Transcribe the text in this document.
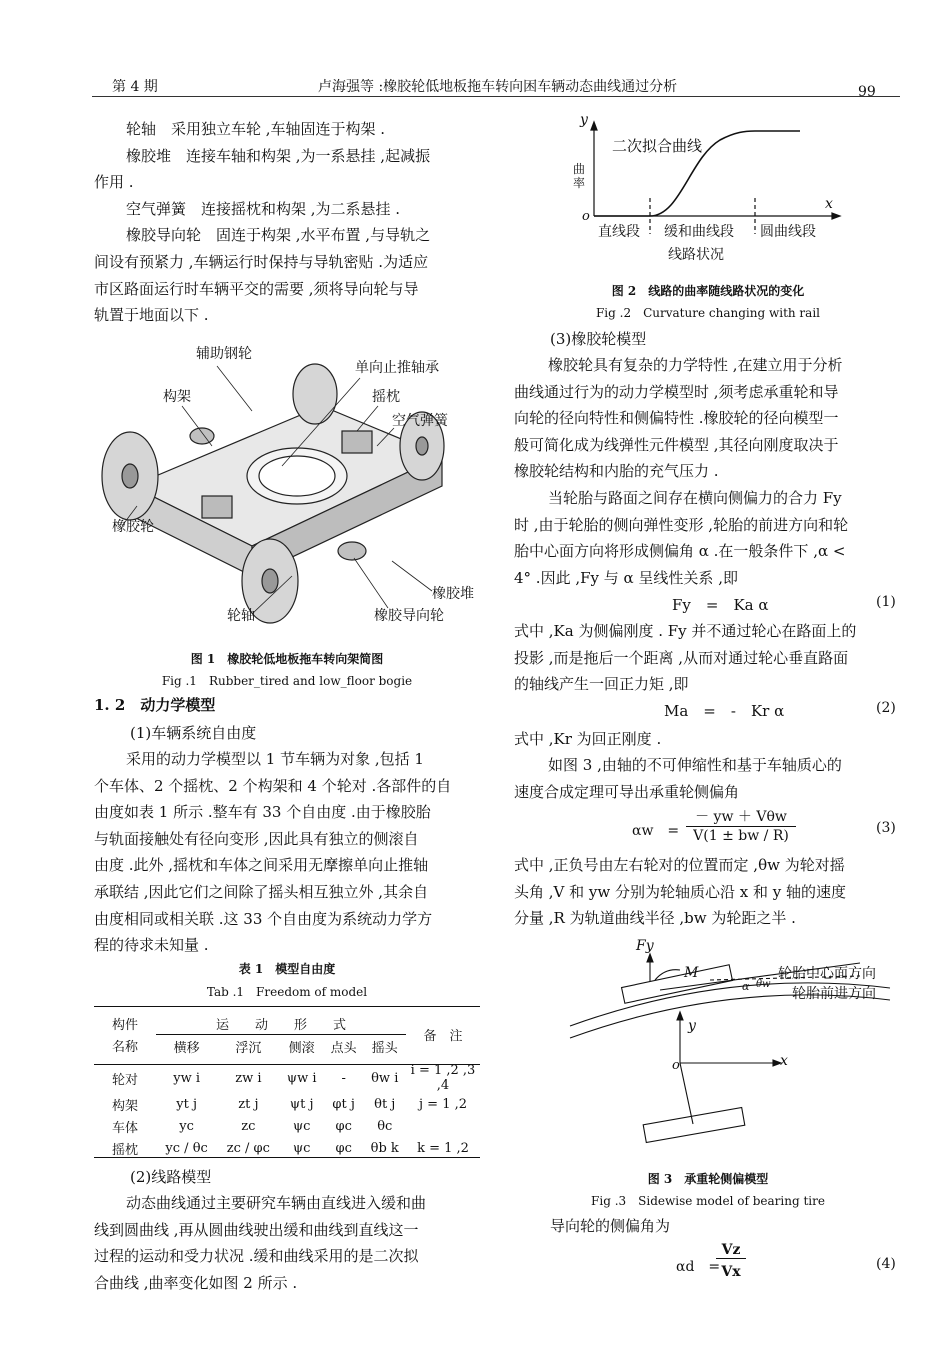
第 4 期	卢海强等 :橡胶轮低地板拖车转向困车辆动态曲线通过分析	99
轮轴　采用独立车轮 ,车轴固连于构架 .
橡胶堆　连接车轴和构架 ,为一系悬挂 ,起减振
作用 .
空气弹簧　连接摇枕和构架 ,为二系悬挂 .
橡胶导向轮　固连于构架 ,水平布置 ,与导轨之
间设有预紧力 ,车辆运行时保持与导轨密贴 .为适应
市区路面运行时车辆平交的需要 ,须将导向轮与导
轨置于地面以下 .
辅助钢轮
单向止推轴承
构架	摇枕
空气弹簧
橡胶轮
橡胶堆
轮轴	橡胶导向轮
图 1　橡胶轮低地板拖车转向架简图
Fig .1　Rubber_tired and low_floor bogie
1. 2　动力学模型
(1)车辆系统自由度
采用的动力学模型以 1 节车辆为对象 ,包括 1
个车体、2 个摇枕、2 个构架和 4 个轮对 .各部件的自
由度如表 1 所示 .整车有 33 个自由度 .由于橡胶胎
与轨面接触处有径向变形 ,因此具有独立的侧滚自
由度 .此外 ,摇枕和车体之间采用无摩擦单向止推轴
承联结 ,因此它们之间除了摇头相互独立外 ,其余自
由度相同或相关联 .这 33 个自由度为系统动力学方
程的待求未知量 .
表 1　模型自由度
Tab .1　Freedom of model
构件	运　　动　　形　　式					备　注
名称	横移	浮沉	侧滚	点头	摇头	

轮对	yw i	zw i	ψw i	-	θw i	i = 1 ,2 ,3 ,4
构架	yt j	zt j	ψt j	φt j	θt j	j = 1 ,2
车体	yc	zc	ψc	φc	θc	
摇枕	yc / θc	zc / φc	ψc	φc	θb k	k = 1 ,2
(2)线路模型
动态曲线通过主要研究车辆由直线进入缓和曲
线到圆曲线 ,再从圆曲线驶出缓和曲线到直线这一
过程的运动和受力状况 .缓和曲线采用的是二次拟
合曲线 ,曲率变化如图 2 所示 .
y
x
o
二次拟合曲线
曲率
直线段 缓和曲线段 圆曲线段
线路状况
图 2　线路的曲率随线路状况的变化
Fig .2　Curvature changing with rail
(3)橡胶轮模型
橡胶轮具有复杂的力学特性 ,在建立用于分析
曲线通过行为的动力学模型时 ,须考虑承重轮和导
向轮的径向特性和侧偏特性 .橡胶轮的径向模型一
般可简化成为线弹性元件模型 ,其径向刚度取决于
橡胶轮结构和内胎的充气压力 .
当轮胎与路面之间存在横向侧偏力的合力 Fy
时 ,由于轮胎的侧向弹性变形 ,轮胎的前进方向和轮
胎中心面方向将形成侧偏角 α .在一般条件下 ,α <
4° .因此 ,Fy 与 α 呈线性关系 ,即
Fy　=　Ka α	(1)
式中 ,Ka 为侧偏刚度 . Fy 并不通过轮心在路面上的
投影 ,而是拖后一个距离 ,从而对通过轮心垂直路面
的轴线产生一回正力矩 ,即
Ma　=　-　Kr α	(2)
式中 ,Kr 为回正刚度 .
如图 3 ,由轴的不可伸缩性和基于车轴质心的
速度合成定理可导出承重轮侧偏角
αw　=
－ yw ＋ Vθw
V(1 ± bw / R)	(3)
式中 ,正负号由左右轮对的位置而定 ,θw 为轮对摇
头角 ,V 和 yw 分别为轮轴质心沿 x 和 y 轴的速度
分量 ,R 为轨道曲线半径 ,bw 为轮距之半 .
Fy
M
y
x
o
α θw
轮胎中心面方向
轮胎前进方向
图 3　承重轮侧偏模型
Fig .3　Sidewise model of bearing tire
导向轮的侧偏角为
αd　=
Vz
Vx	(4)
